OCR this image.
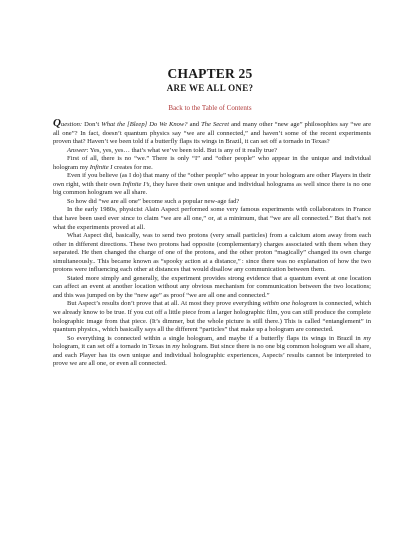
CHAPTER 25
ARE WE ALL ONE?
Back to the Table of Contents

Question: Don’t What the [Bleep] Do We Know? and The Secret and many other “new age” philosophies say “we are all one”? In fact, doesn’t quantum physics say “we are all connected,” and haven’t some of the recent experiments proven that? Haven’t we been told if a butterfly flaps its wings in Brazil, it can set off a tornado in Texas?

Answer: Yes, yes, yes… that’s what we’ve been told. But is any of it really true?

First of all, there is no “we.” There is only “I” and “other people” who appear in the unique and individual hologram my Infinite I creates for me.

Even if you believe (as I do) that many of the “other people” who appear in your hologram are other Players in their own right, with their own Infinite I’s, they have their own unique and individual holograms as well since there is no one big common hologram we all share.

So how did “we are all one” become such a popular new-age fad?

In the early 1980s, physicist Alain Aspect performed some very famous experiments with collaborators in France that have been used ever since to claim “we are all one,” or, at a minimum, that “we are all connected.” But that’s not what the experiments proved at all.

What Aspect did, basically, was to send two protons (very small particles) from a calcium atom away from each other in different directions. These two protons had opposite (complementary) charges associated with them when they separated. He then changed the charge of one of the protons, and the other proton “magically” changed its own charge simultaneously.. This became known as “spooky action at a distance,” : since there was no explanation of how the two protons were influencing each other at distances that would disallow any communication between them.

Stated more simply and generally, the experiment provides strong evidence that a quantum event at one location can affect an event at another location without any obvious mechanism for communication between the two locations; and this was jumped on by the “new age” as proof “we are all one and connected.”

But Aspect’s results don’t prove that at all. At most they prove everything within one hologram is connected, which we already know to be true. If you cut off a little piece from a larger holographic film, you can still produce the complete holographic image from that piece. (It’s dimmer, but the whole picture is still there.) This is called “entanglement” in quantum physics., which basically says all the different “particles” that make up a hologram are connected.

So everything is connected within a single hologram, and maybe if a butterfly flaps its wings in Brazil in my hologram, it can set off a tornado in Texas in my hologram. But since there is no one big common hologram we all share, and each Player has its own unique and individual holographic experiences, Aspects’ results cannot be interpreted to prove we are all one, or even all connected.
